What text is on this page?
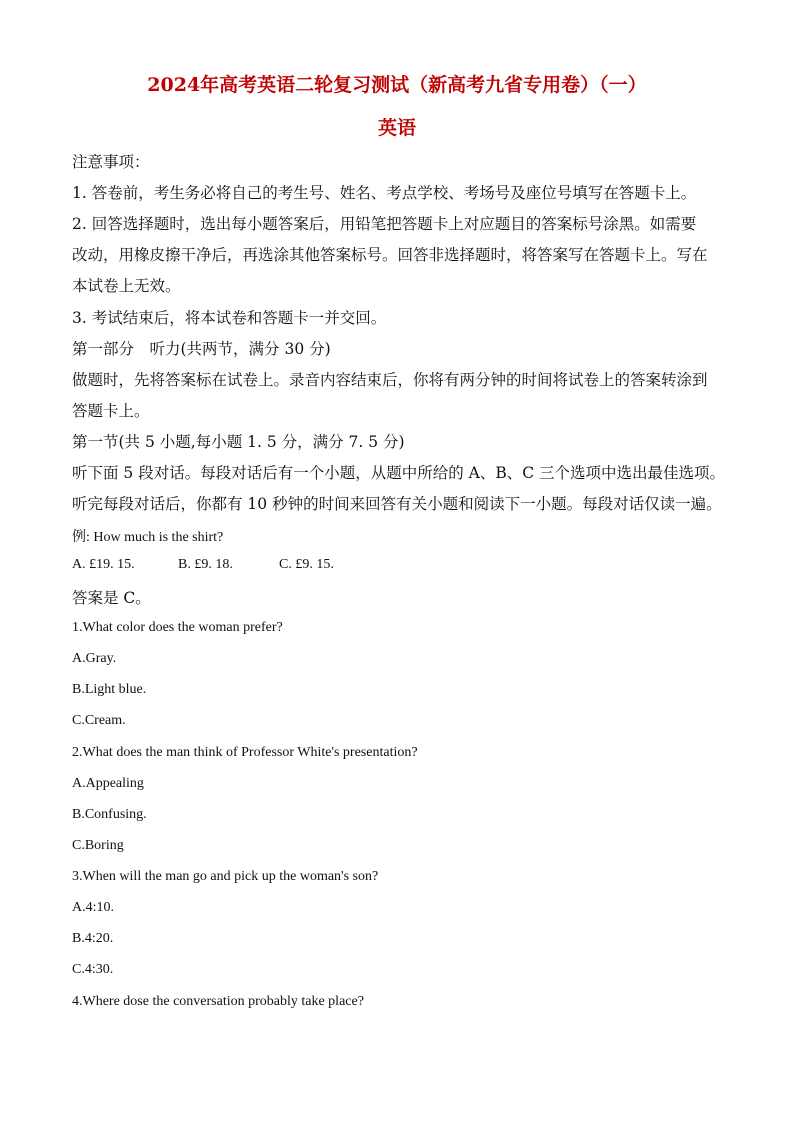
2024年高考英语二轮复习测试（新高考九省专用卷）（一）
英语
注意事项：
1. 答卷前，考生务必将自己的考生号、姓名、考点学校、考场号及座位号填写在答题卡上。
2. 回答选择题时，选出每小题答案后，用铅笔把答题卡上对应题目的答案标号涂黑。如需要
改动，用橡皮擦干净后，再选涂其他答案标号。回答非选择题时，将答案写在答题卡上。写在
本试卷上无效。
3. 考试结束后，将本试卷和答题卡一并交回。
第一部分　听力(共两节，满分 30 分)
做题时，先将答案标在试卷上。录音内容结束后，你将有两分钟的时间将试卷上的答案转涂到
答题卡上。
第一节(共 5 小题,每小题 1. 5 分，满分 7. 5 分)
听下面 5 段对话。每段对话后有一个小题，从题中所给的 A、B、C 三个选项中选出最佳选项。
听完每段对话后，你都有 10 秒钟的时间来回答有关小题和阅读下一小题。每段对话仅读一遍。
例: How much is the shirt?
A. £19. 15.	B. £9. 18.	C. £9. 15.
答案是 C。
1.What color does the woman prefer?
A.Gray.
B.Light blue.
C.Cream.
2.What does the man think of Professor White's presentation?
A.Appealing
B.Confusing.
C.Boring
3.When will the man go and pick up the woman's son?
A.4:10.
B.4:20.
C.4:30.
4.Where dose the conversation probably take place?
